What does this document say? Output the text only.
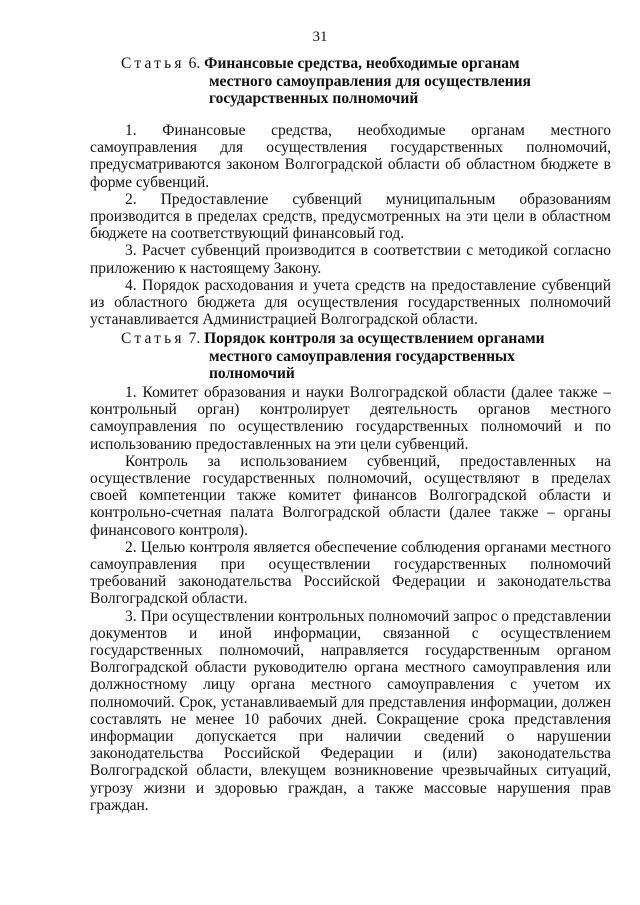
31
Статья 6. Финансовые средства, необходимые органам
местного самоуправления для осуществления
государственных полномочий

1. Финансовые средства, необходимые органам местного самоуправления для осуществления государственных полномочий, предусматриваются законом Волгоградской области об областном бюджете в форме субвенций.

2. Предоставление субвенций муниципальным образованиям производится в пределах средств, предусмотренных на эти цели в областном бюджете на соответствующий финансовый год.

3. Расчет субвенций производится в соответствии с методикой согласно приложению к настоящему Закону.

4. Порядок расходования и учета средств на предоставление субвенций из областного бюджета для осуществления государственных полномочий устанавливается Администрацией Волгоградской области.

Статья 7. Порядок контроля за осуществлением органами
местного самоуправления государственных полномочий

1. Комитет образования и науки Волгоградской области (далее также – контрольный орган) контролирует деятельность органов местного самоуправления по осуществлению государственных полномочий и по использованию предоставленных на эти цели субвенций.

Контроль за использованием субвенций, предоставленных на осуществление государственных полномочий, осуществляют в пределах своей компетенции также комитет финансов Волгоградской области и контрольно-счетная палата Волгоградской области (далее также – органы финансового контроля).

2. Целью контроля является обеспечение соблюдения органами местного самоуправления при осуществлении государственных полномочий требований законодательства Российской Федерации и законодательства Волгоградской области.

3. При осуществлении контрольных полномочий запрос о представлении документов и иной информации, связанной с осуществлением государственных полномочий, направляется государственным органом Волгоградской области руководителю органа местного самоуправления или должностному лицу органа местного самоуправления с учетом их полномочий. Срок, устанавливаемый для представления информации, должен составлять не менее 10 рабочих дней. Сокращение срока представления информации допускается при наличии сведений о нарушении законодательства Российской Федерации и (или) законодательства Волгоградской области, влекущем возникновение чрезвычайных ситуаций, угрозу жизни и здоровью граждан, а также массовые нарушения прав граждан.
